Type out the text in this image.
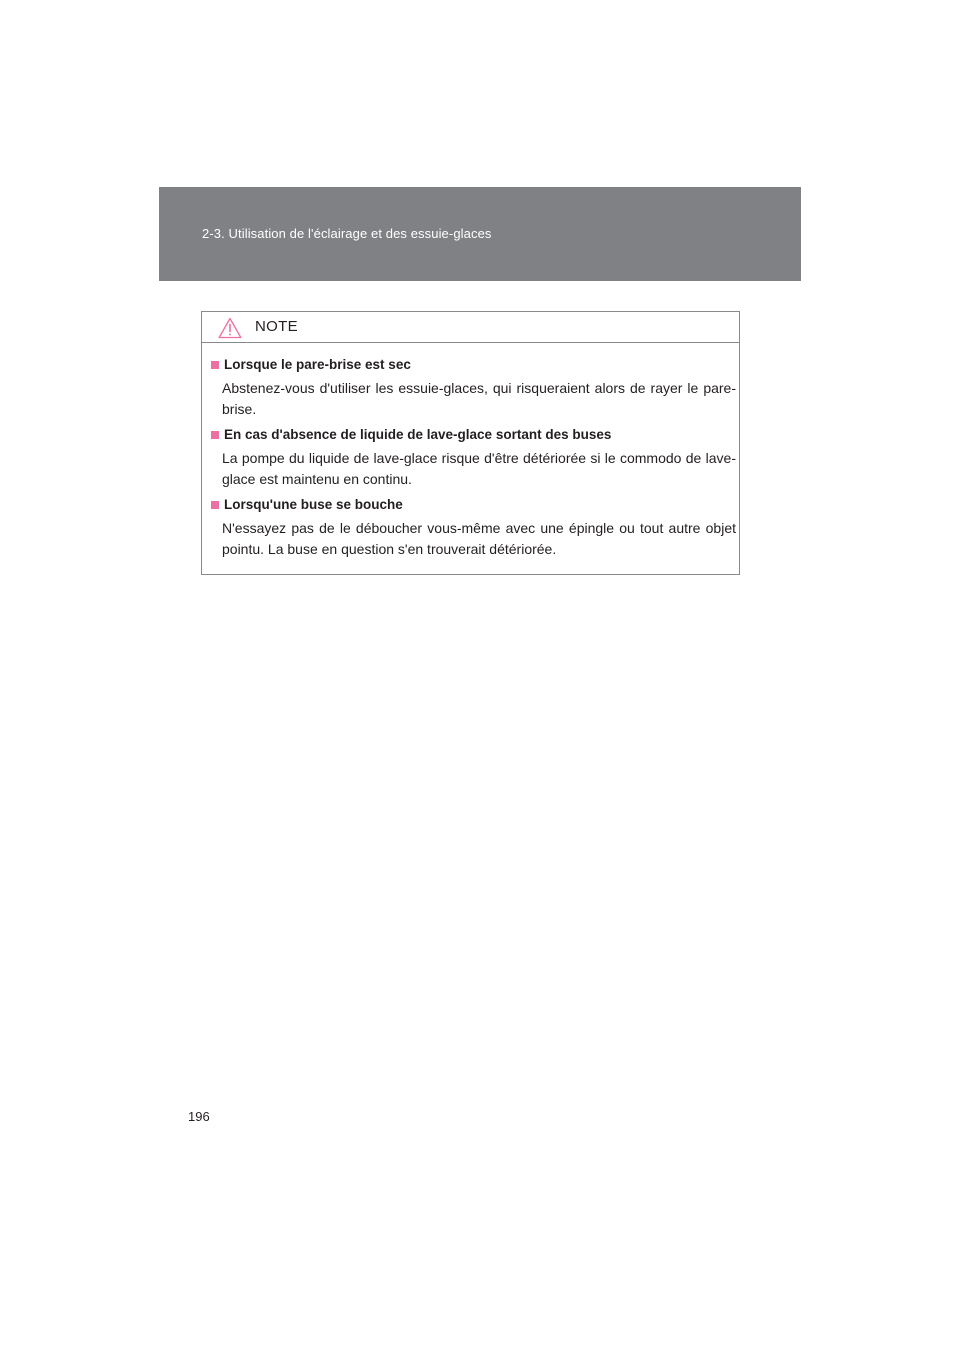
2-3. Utilisation de l'éclairage et des essuie-glaces
NOTE
Lorsque le pare-brise est sec

Abstenez-vous d'utiliser les essuie-glaces, qui risqueraient alors de rayer le pare-brise.

En cas d'absence de liquide de lave-glace sortant des buses

La pompe du liquide de lave-glace risque d'être détériorée si le commodo de lave-glace est maintenu en continu.

Lorsqu'une buse se bouche

N'essayez pas de le déboucher vous-même avec une épingle ou tout autre objet pointu. La buse en question s'en trouverait détériorée.

196
